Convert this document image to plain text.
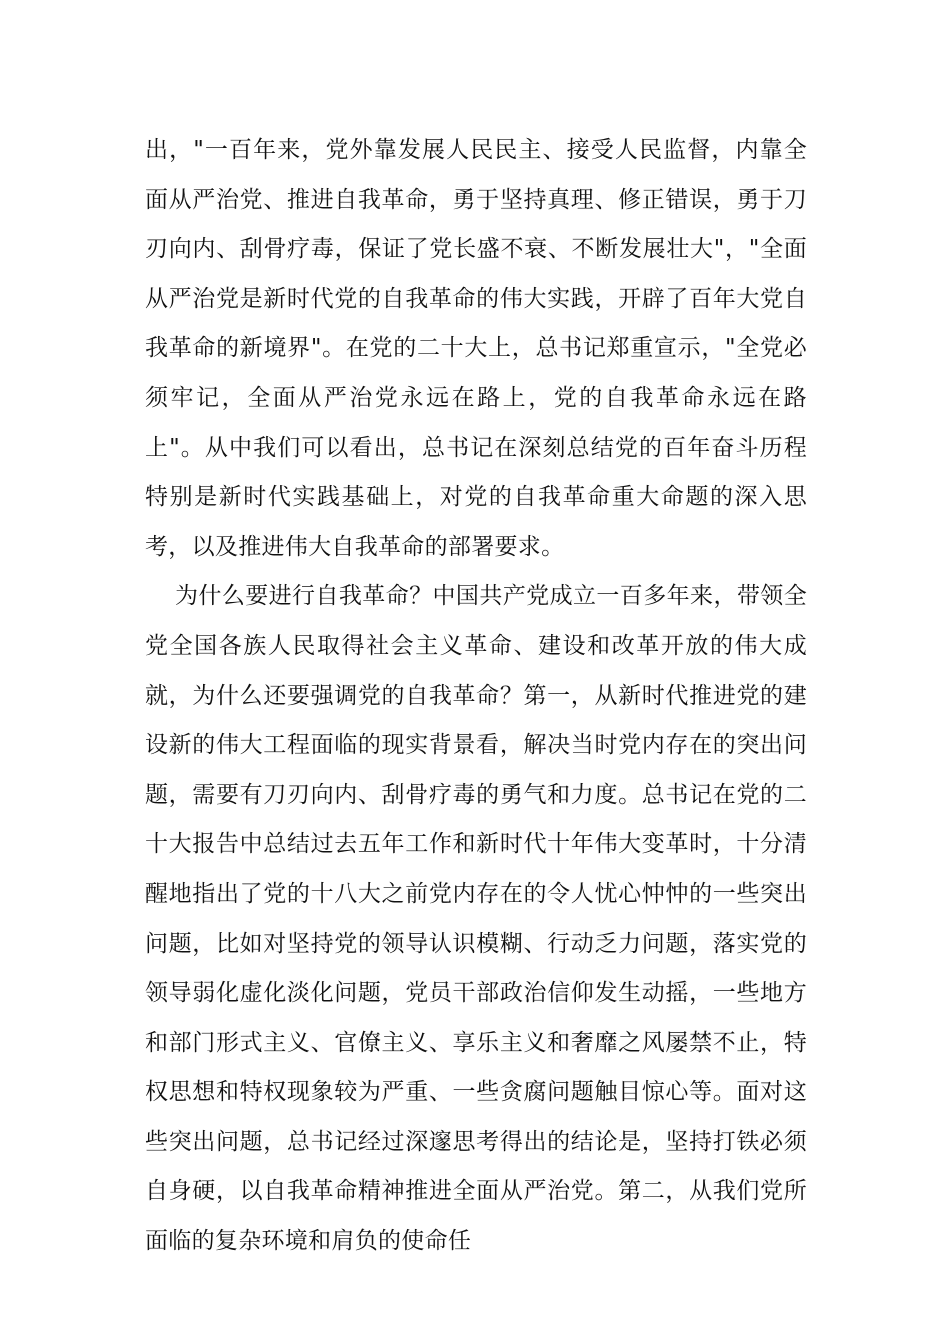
出，"一百年来，党外靠发展人民民主、接受人民监督，内靠全面从严治党、推进自我革命，勇于坚持真理、修正错误，勇于刀刃向内、刮骨疗毒，保证了党长盛不衰、不断发展壮大"，"全面从严治党是新时代党的自我革命的伟大实践，开辟了百年大党自我革命的新境界"。在党的二十大上，总书记郑重宣示，"全党必须牢记，全面从严治党永远在路上，党的自我革命永远在路上"。从中我们可以看出，总书记在深刻总结党的百年奋斗历程特别是新时代实践基础上，对党的自我革命重大命题的深入思考，以及推进伟大自我革命的部署要求。

为什么要进行自我革命？中国共产党成立一百多年来，带领全党全国各族人民取得社会主义革命、建设和改革开放的伟大成就，为什么还要强调党的自我革命？第一，从新时代推进党的建设新的伟大工程面临的现实背景看，解决当时党内存在的突出问题，需要有刀刃向内、刮骨疗毒的勇气和力度。总书记在党的二十大报告中总结过去五年工作和新时代十年伟大变革时，十分清醒地指出了党的十八大之前党内存在的令人忧心忡忡的一些突出问题，比如对坚持党的领导认识模糊、行动乏力问题，落实党的领导弱化虚化淡化问题，党员干部政治信仰发生动摇，一些地方和部门形式主义、官僚主义、享乐主义和奢靡之风屡禁不止，特权思想和特权现象较为严重、一些贪腐问题触目惊心等。面对这些突出问题，总书记经过深邃思考得出的结论是，坚持打铁必须自身硬，以自我革命精神推进全面从严治党。第二，从我们党所面临的复杂环境和肩负的使命任
